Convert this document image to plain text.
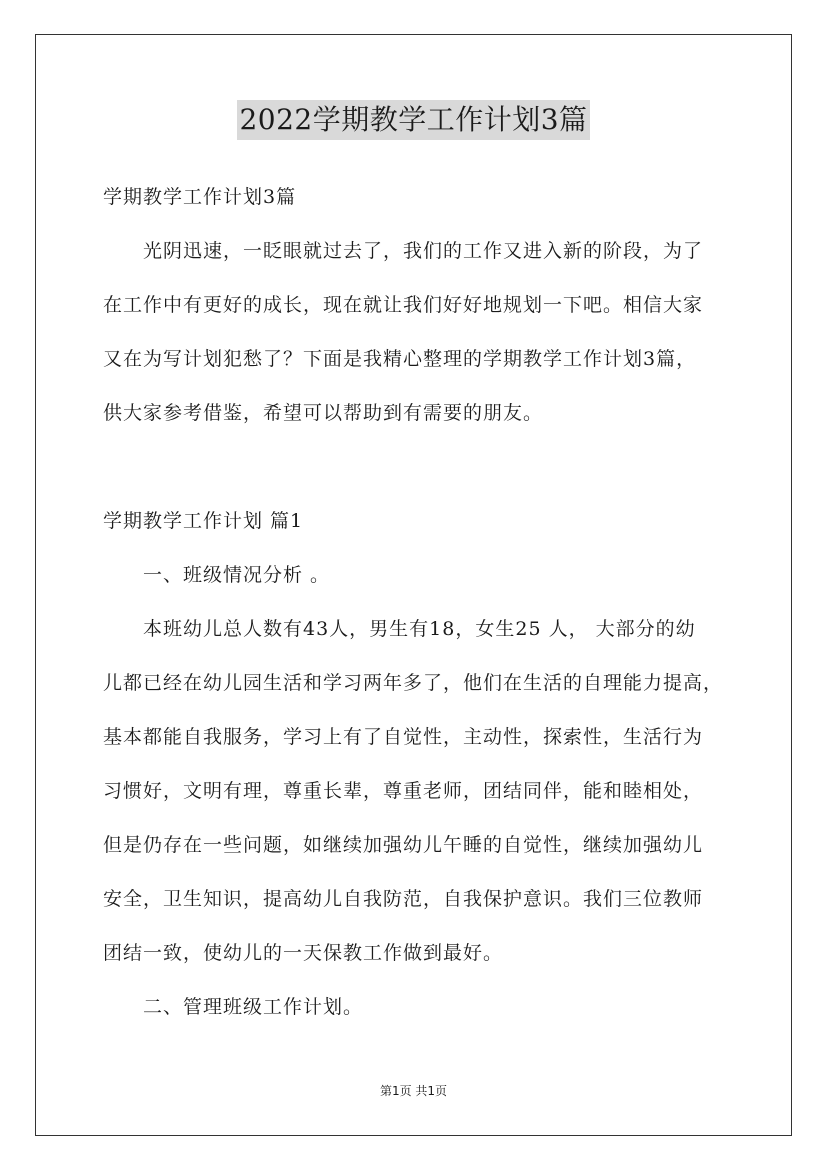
2022学期教学工作计划3篇
学期教学工作计划3篇
光阴迅速，一眨眼就过去了，我们的工作又进入新的阶段，为了
在工作中有更好的成长，现在就让我们好好地规划一下吧。相信大家
又在为写计划犯愁了？下面是我精心整理的学期教学工作计划3篇，
供大家参考借鉴，希望可以帮助到有需要的朋友。
学期教学工作计划 篇1
一、班级情况分析 。
本班幼儿总人数有43人，男生有18，女生25 人， 大部分的幼
儿都已经在幼儿园生活和学习两年多了，他们在生活的自理能力提高，
基本都能自我服务，学习上有了自觉性，主动性，探索性，生活行为
习惯好，文明有理，尊重长辈，尊重老师，团结同伴，能和睦相处，
但是仍存在一些问题，如继续加强幼儿午睡的自觉性，继续加强幼儿
安全，卫生知识，提高幼儿自我防范，自我保护意识。我们三位教师
团结一致，使幼儿的一天保教工作做到最好。
二、管理班级工作计划。
第1页 共1页
